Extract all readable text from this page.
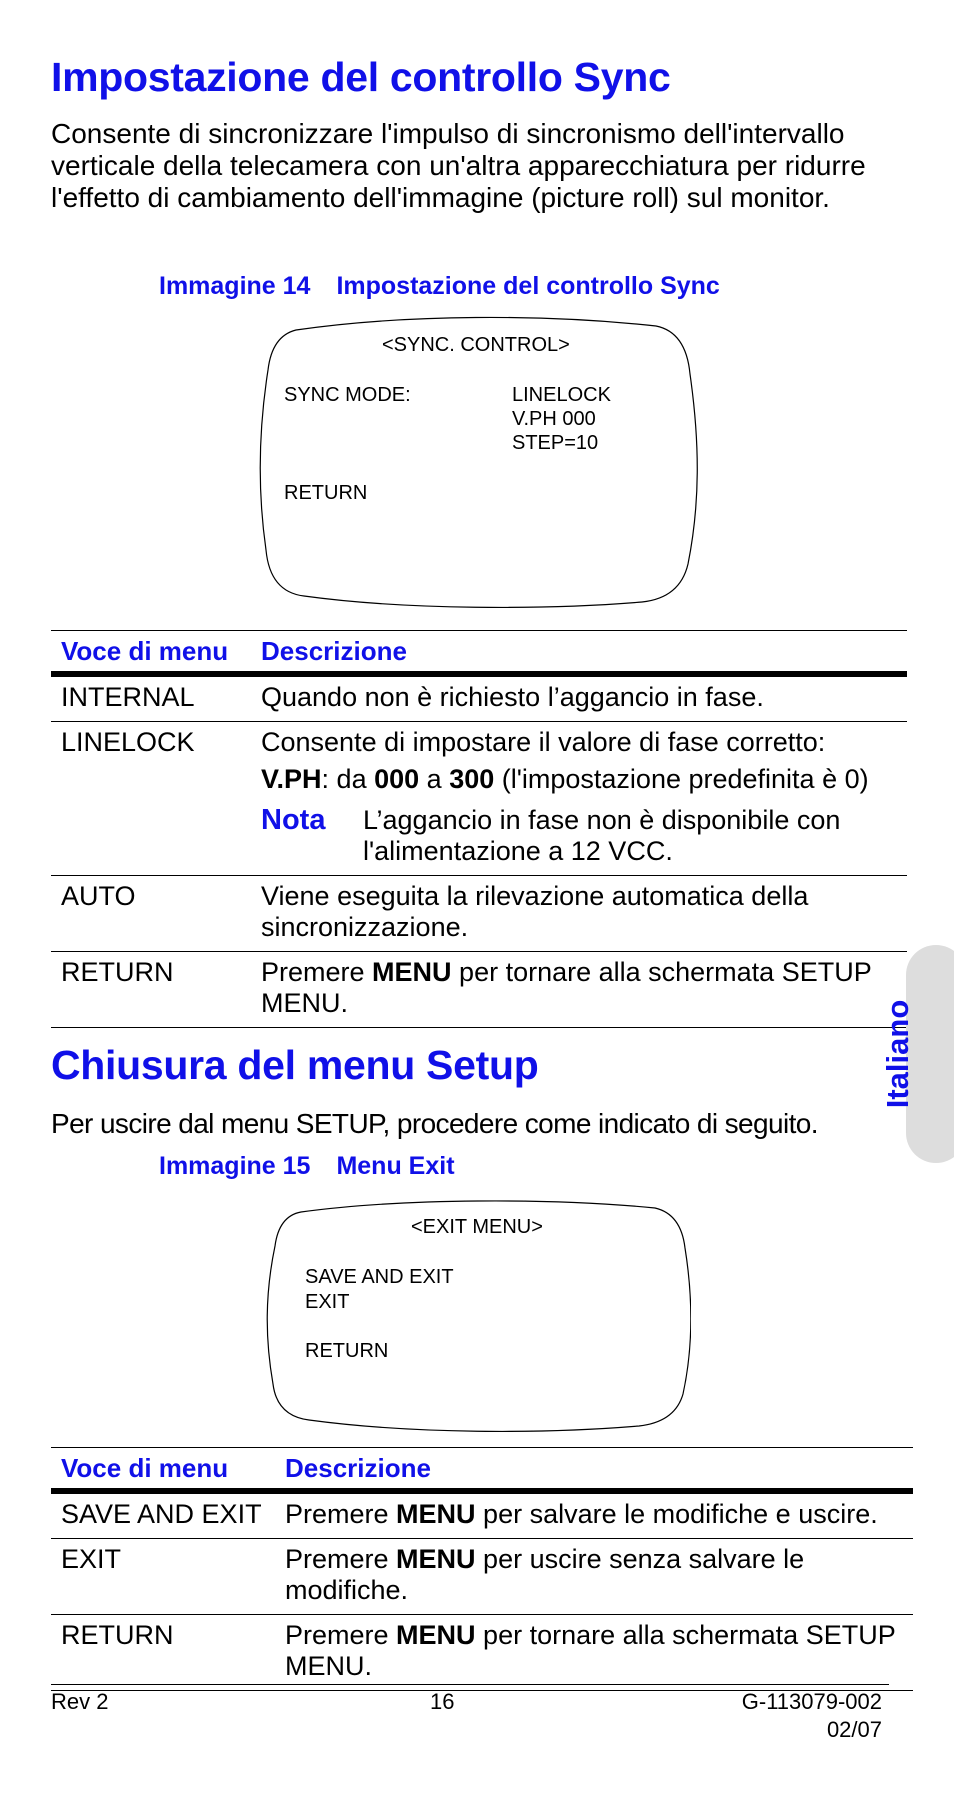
Impostazione del controllo Sync

Consente di sincronizzare l'impulso di sincronismo dell'intervallo verticale della telecamera con un'altra apparecchiatura per ridurre l'effetto di cambiamento dell'immagine (picture roll) sul monitor.

Immagine 14 Impostazione del controllo Sync

<SYNC. CONTROL>
SYNC MODE:	LINELOCK
V.PH 000
STEP=10
RETURN
Voce di menu	Descrizione
INTERNAL	Quando non è richiesto l’aggancio in fase.
LINELOCK	Consente di impostare il valore di fase corretto:
V.PH: da 000 a 300 (l'impostazione predefinita è 0)
Nota L’aggancio in fase non è disponibile con l'alimentazione a 12 VCC.

AUTO	Viene eseguita la rilevazione automatica della sincronizzazione.
RETURN	Premere MENU per tornare alla schermata SETUP MENU.
Chiusura del menu Setup

Per uscire dal menu SETUP, procedere come indicato di seguito.

Immagine 15 Menu Exit

<EXIT MENU>
SAVE AND EXIT
EXIT
RETURN
Voce di menu	Descrizione
SAVE AND EXIT	Premere MENU per salvare le modifiche e uscire.
EXIT	Premere MENU per uscire senza salvare le modifiche.
RETURN	Premere MENU per tornare alla schermata SETUP MENU.
Italiano
Rev 2	16	G-113079-002
02/07
